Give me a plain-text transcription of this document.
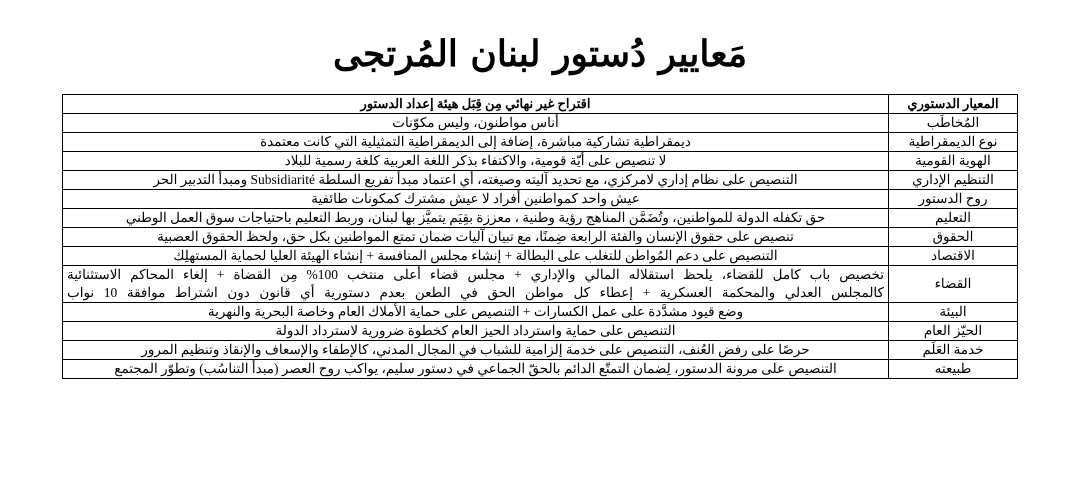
مَعايير دُستور لبنان المُرتجى
المعيار الدستوري	اقتراح غير نهائي مِن قِبَل هيئة إعداد الدستور
المُخاطَب	أناس مواطنون، وليس مكوّنات
نوع الديمقراطية	ديمقراطية تشاركية مباشرة، إضافة إلى الديمقراطية التمثيلية التي كانت معتمدة
الهوية القومية	لا تنصيص على أيّة قومية، والاكتفاء بذكر اللغة العربية كلغة رسمية للبلاد
التنظيم الإداري	التنصيص على نظام إداري لامركزي، مع تحديد آليته وصيغته، أي اعتماد مبدأ تفريع السلطة Subsidiarité ومبدأ التدبير الحر
روح الدستور	عيش واحد كمواطنين أفراد لا عيش مشترك كمكونات طائفية
التعليم	حق تكفله الدولة للمواطنين، وتُضَمَّن المناهج رؤية وطنية ، معززة بقِيَم يتميَّز بها لبنان، وربط التعليم باحتياجات سوق العمل الوطني
الحقوق	تنصيص على حقوق الإنسان والفئة الرابعة ضِمنًا، مع تبيان آليات ضمان تمتع المواطنين بكل حق، ولحظ الحقوق العصبية
الاقتصاد	التنصيص على دعم المُواطن للتغلب على البطالة + إنشاء مجلس المنافسة + إنشاء الهيئة العليا لحماية المستهلِك
القضاء	تخصيص باب كامل للقضاء، يلحظ استقلاله المالي والإداري + مجلس قضاء أعلى منتخب 100% مِن القضاة + إلغاء المحاكم الاستثنائية
كالمجلس العدلي والمحكمة العسكرية + إعطاء كل مواطن الحق في الطعن بعدم دستورية أي قانون دون اشتراط موافقة 10 نواب

البيئة	وضع قيود مشدَّدة على عمل الكسارات + التنصيص على حماية الأملاك العام وخاصة البحرية والنهرية
الحيّز العام	التنصيص على حماية واسترداد الحيز العام كخطوة ضرورية لاسترداد الدولة
خدمة العَلَم	حرصًا على رفض العُنف، التنصيص على خدمة إلزامية للشباب في المجال المدني، كالإطفاء والإسعاف والإنقاذ وتنظيم المرور
طبيعته	التنصيص على مرونة الدستور، لِضمان التمتّع الدائم بالحقّ الجماعي في دستور سليم، يواكب روح العصر (مبدأ التناسُب) وتطوّر المجتمع
